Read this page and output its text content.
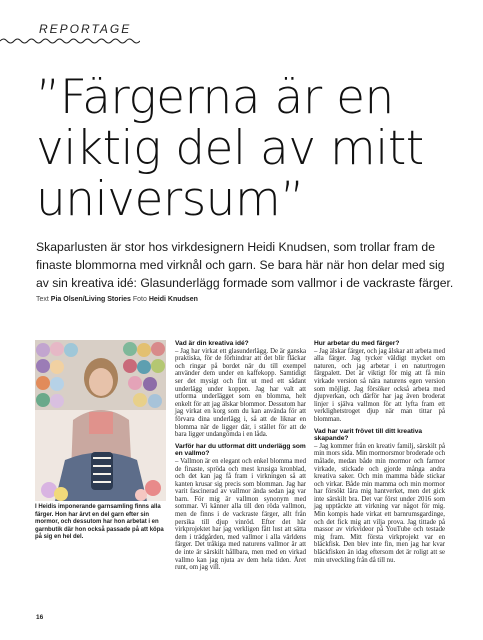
REPORTAGE
”Färgerna är en
viktig del av mitt
universum”

Skaparlusten är stor hos virkdesignern Heidi Knudsen, som trollar fram de finaste blommorna med virknål och garn. Se bara här när hon delar med sig av sin kreativa idé: Glasunderlägg formade som vallmor i de vackraste färger.

Text Pia Olsen/Living Stories Foto Heidi Knudsen

I Heidis imponerande garnsamling finns alla färger. Hon har ärvt en del garn efter sin mormor, och dessutom har hon arbetat i en garnbutik där hon också passade på att köpa på sig en hel del.

Vad är din kreativa idé?

– Jag har virkat ett glasunderlägg. De är ganska praktiska, för de förhindrar att det blir fläckar och ringar på bordet när du till exempel använder dem under en kaffekopp. Samtidigt ser det mysigt och fint ut med ett sådant underlägg under koppen. Jag har valt att utforma underlägget som en blomma, helt enkelt för att jag älskar blommor. Dessutom har jag virkat en korg som du kan använda för att förvara dina underlägg i, så att de liknar en blomma när de ligger där, i stället för att de bara ligger undangömda i en låda.

Varför har du utformat ditt underlägg som en vallmo?

– Vallmon är en elegant och enkel blomma med de finaste, spröda och mest krusiga kronblad, och det kan jag få fram i virkningen så att kanten krusar sig precis som blomman. Jag har varit fascinerad av vallmor ända sedan jag var barn. För mig är vallmon synonym med sommar. Vi känner alla till den röda vallmon, men de finns i de vackraste färger, allt från persika till djup vinröd. Efter det här virkprojektet har jag verkligen fått lust att sätta dem i trädgården, med vallmor i alla världens färger. Det tråkiga med naturens vallmor är att de inte är särskilt hållbara, men med en virkad vallmo kan jag njuta av dem hela tiden. Året runt, om jag vill.

Hur arbetar du med färger?

– Jag älskar färger, och jag älskar att arbeta med alla färger. Jag tycker väldigt mycket om naturen, och jag arbetar i en naturtrogen färgpalett. Det är viktigt för mig att få min virkade version så nära naturens egen version som möjligt. Jag försöker också arbeta med djupverkan, och därför har jag även broderat linjer i själva vallmon för att lyfta fram ett verklighetstroget djup när man tittar på blomman.

Vad har varit frövet till ditt kreativa skapande?

– Jag kommer från en kreativ familj, särskilt på min mors sida. Min mormorsmor broderade och målade, medan både min mormor och farmor virkade, stickade och gjorde många andra kreativa saker. Och min mamma både stickar och virkar. Både min mamma och min mormor har försökt lära mig hantverket, men det gick inte särskilt bra. Det var först under 2016 som jag upptäckte att virkning var något för mig. Min kompis hade virkat ett barnrumsgardinge, och det fick mig att vilja prova. Jag tittade på massor av virkvideor på YouTube och testade mig fram. Mitt första virkprojekt var en bläckfisk. Den blev inte fin, men jag har kvar bläckfisken än idag eftersom det är roligt att se min utveckling från då till nu.

16
